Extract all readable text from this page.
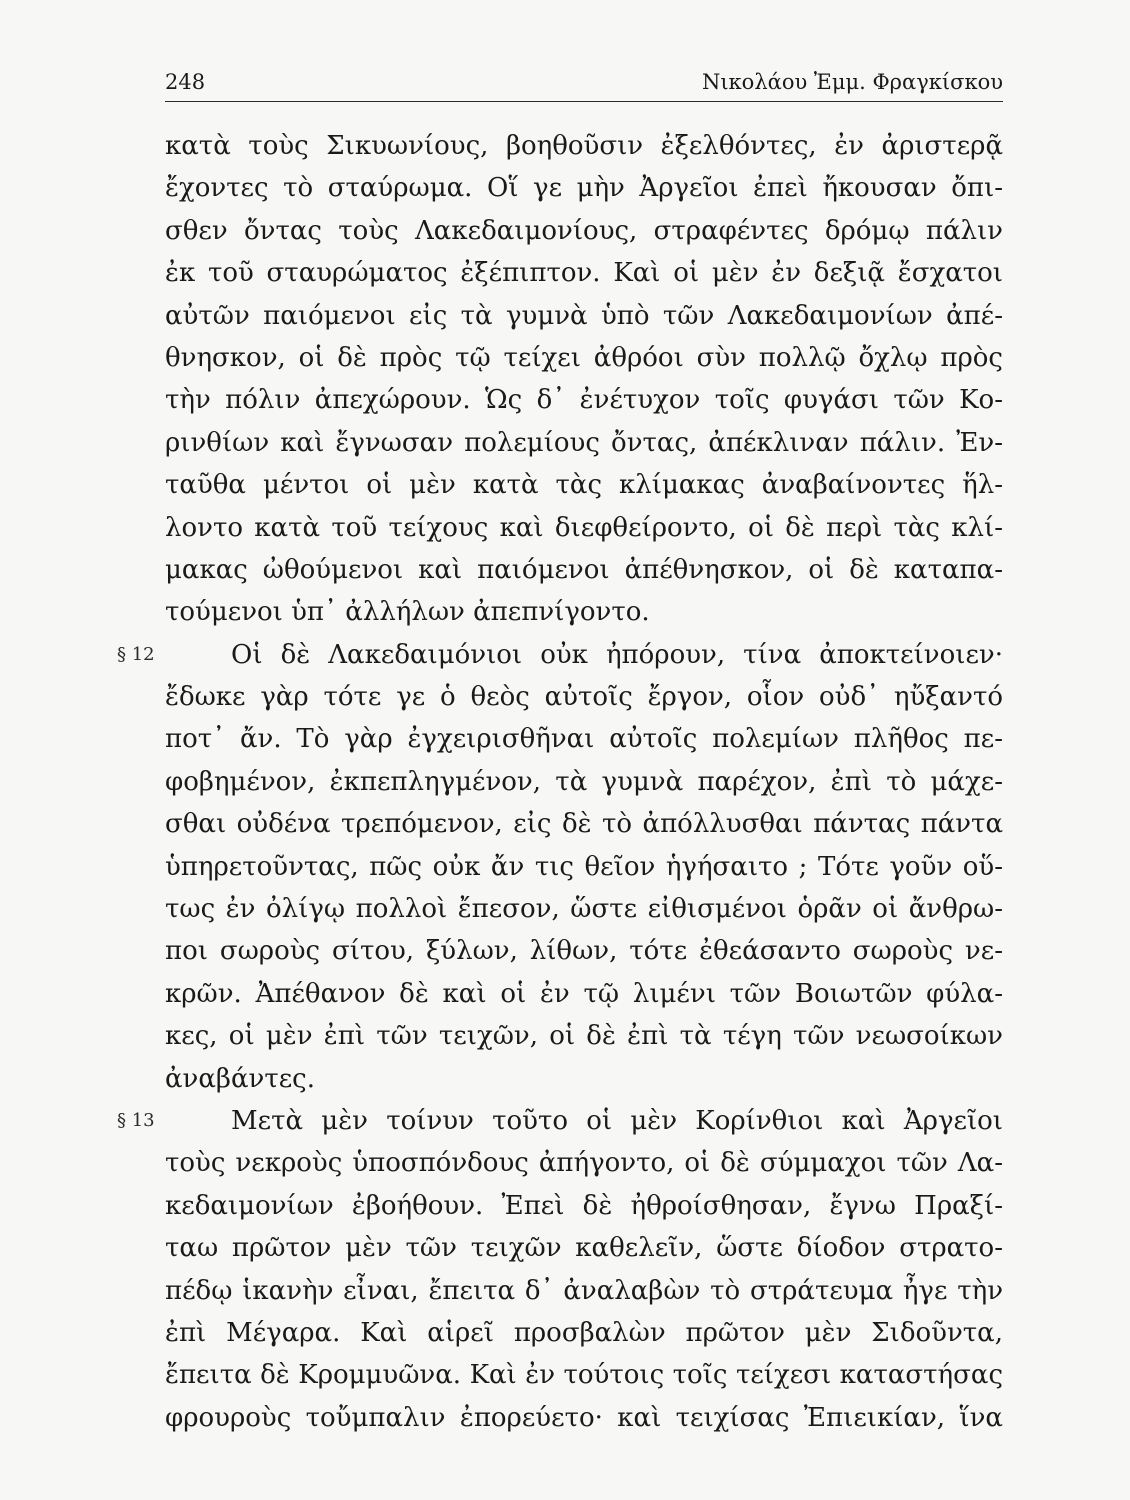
248	Νικολάου Ἐμμ. Φραγκίσκου
κατὰ τοὺς Σικυωνίους, βοηθοῦσιν ἐξελθόντες, ἐν ἀριστερᾷ
ἔχοντες τὸ σταύρωμα. Οἵ γε μὴν Ἀργεῖοι ἐπεὶ ἤκουσαν ὄπι-
σθεν ὄντας τοὺς Λακεδαιμονίους, στραφέντες δρόμῳ πάλιν
ἐκ τοῦ σταυρώματος ἐξέπιπτον. Καὶ οἱ μὲν ἐν δεξιᾷ ἔσχατοι
αὐτῶν παιόμενοι εἰς τὰ γυμνὰ ὑπὸ τῶν Λακεδαιμονίων ἀπέ-
θνησκον, οἱ δὲ πρὸς τῷ τείχει ἀθρόοι σὺν πολλῷ ὄχλῳ πρὸς
τὴν πόλιν ἀπεχώρουν. Ὡς δ᾽ ἐνέτυχον τοῖς φυγάσι τῶν Κο-
ρινθίων καὶ ἔγνωσαν πολεμίους ὄντας, ἀπέκλιναν πάλιν. Ἐν-
ταῦθα μέντοι οἱ μὲν κατὰ τὰς κλίμακας ἀναβαίνοντες ἥλ-
λοντο κατὰ τοῦ τείχους καὶ διεφθείροντο, οἱ δὲ περὶ τὰς κλί-
μακας ὠθούμενοι καὶ παιόμενοι ἀπέθνησκον, οἱ δὲ καταπα-
τούμενοι ὑπ᾽ ἀλλήλων ἀπεπνίγοντο.
§ 12	Οἱ δὲ Λακεδαιμόνιοι οὐκ ἠπόρουν, τίνα ἀποκτείνοιεν·
ἔδωκε γὰρ τότε γε ὁ θεὸς αὐτοῖς ἔργον, οἷον οὐδ᾽ ηὔξαντό
ποτ᾽ ἄν. Τὸ γὰρ ἐγχειρισθῆναι αὐτοῖς πολεμίων πλῆθος πε-
φοβημένον, ἐκπεπληγμένον, τὰ γυμνὰ παρέχον, ἐπὶ τὸ μάχε-
σθαι οὐδένα τρεπόμενον, εἰς δὲ τὸ ἀπόλλυσθαι πάντας πάντα
ὑπηρετοῦντας, πῶς οὐκ ἄν τις θεῖον ἡγήσαιτο ; Τότε γοῦν οὕ-
τως ἐν ὀλίγῳ πολλοὶ ἔπεσον, ὥστε εἰθισμένοι ὁρᾶν οἱ ἄνθρω-
ποι σωροὺς σίτου, ξύλων, λίθων, τότε ἐθεάσαντο σωροὺς νε-
κρῶν. Ἀπέθανον δὲ καὶ οἱ ἐν τῷ λιμένι τῶν Βοιωτῶν φύλα-
κες, οἱ μὲν ἐπὶ τῶν τειχῶν, οἱ δὲ ἐπὶ τὰ τέγη τῶν νεωσοίκων
ἀναβάντες.
§ 13	Μετὰ μὲν τοίνυν τοῦτο οἱ μὲν Κορίνθιοι καὶ Ἀργεῖοι
τοὺς νεκροὺς ὑποσπόνδους ἀπήγοντο, οἱ δὲ σύμμαχοι τῶν Λα-
κεδαιμονίων ἐβοήθουν. Ἐπεὶ δὲ ἠθροίσθησαν, ἔγνω Πραξί-
ταω πρῶτον μὲν τῶν τειχῶν καθελεῖν, ὥστε δίοδον στρατο-
πέδῳ ἱκανὴν εἶναι, ἔπειτα δ᾽ ἀναλαβὼν τὸ στράτευμα ἦγε τὴν
ἐπὶ Μέγαρα. Καὶ αἱρεῖ προσβαλὼν πρῶτον μὲν Σιδοῦντα,
ἔπειτα δὲ Κρομμυῶνα. Καὶ ἐν τούτοις τοῖς τείχεσι καταστήσας
φρουροὺς τοὔμπαλιν ἐπορεύετο· καὶ τειχίσας Ἐπιεικίαν, ἵνα
